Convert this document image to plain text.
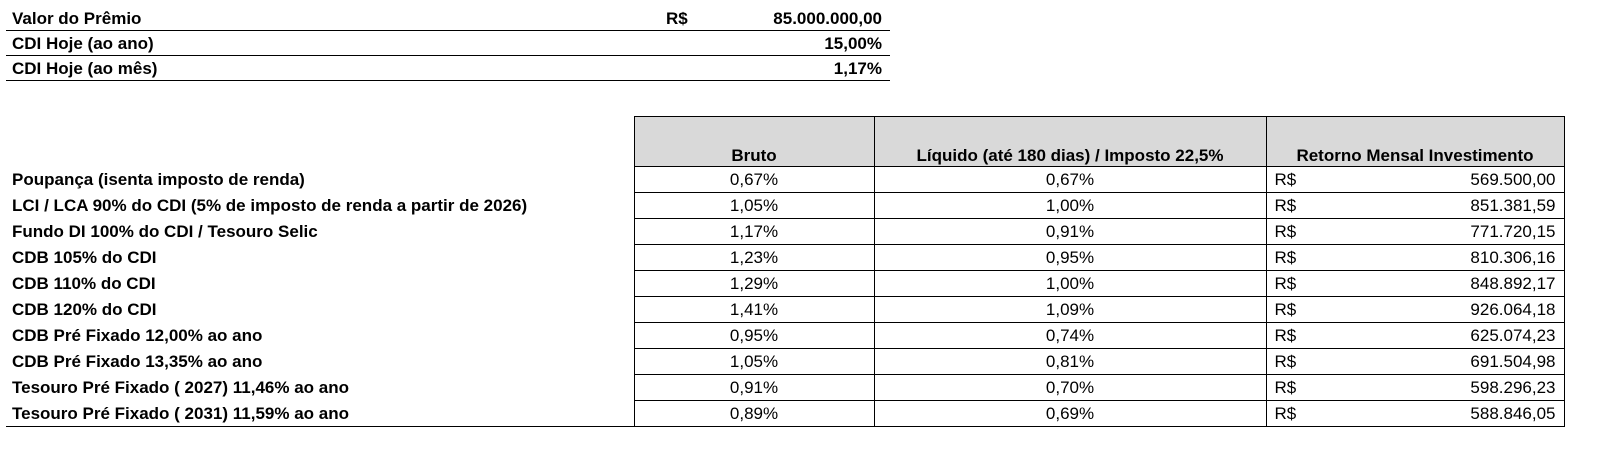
Valor do Prêmio	R$	85.000.000,00
CDI Hoje (ao ano)	15,00%
CDI Hoje (ao mês)	1,17%
	Bruto	Líquido (até 180 dias) / Imposto 22,5%	Retorno Mensal Investimento
Poupança (isenta imposto de renda)	0,67%	0,67%	R$ 569.500,00

LCI / LCA 90% do CDI (5% de imposto de renda a partir de 2026)	1,05%	1,00%	R$ 851.381,59

Fundo DI 100% do CDI / Tesouro Selic	1,17%	0,91%	R$ 771.720,15

CDB 105% do CDI	1,23%	0,95%	R$ 810.306,16

CDB 110% do CDI	1,29%	1,00%	R$ 848.892,17

CDB 120% do CDI	1,41%	1,09%	R$ 926.064,18

CDB Pré Fixado 12,00% ao ano	0,95%	0,74%	R$ 625.074,23

CDB Pré Fixado 13,35% ao ano	1,05%	0,81%	R$ 691.504,98

Tesouro Pré Fixado ( 2027) 11,46% ao ano	0,91%	0,70%	R$ 598.296,23

Tesouro Pré Fixado ( 2031) 11,59% ao ano	0,89%	0,69%	R$ 588.846,05
